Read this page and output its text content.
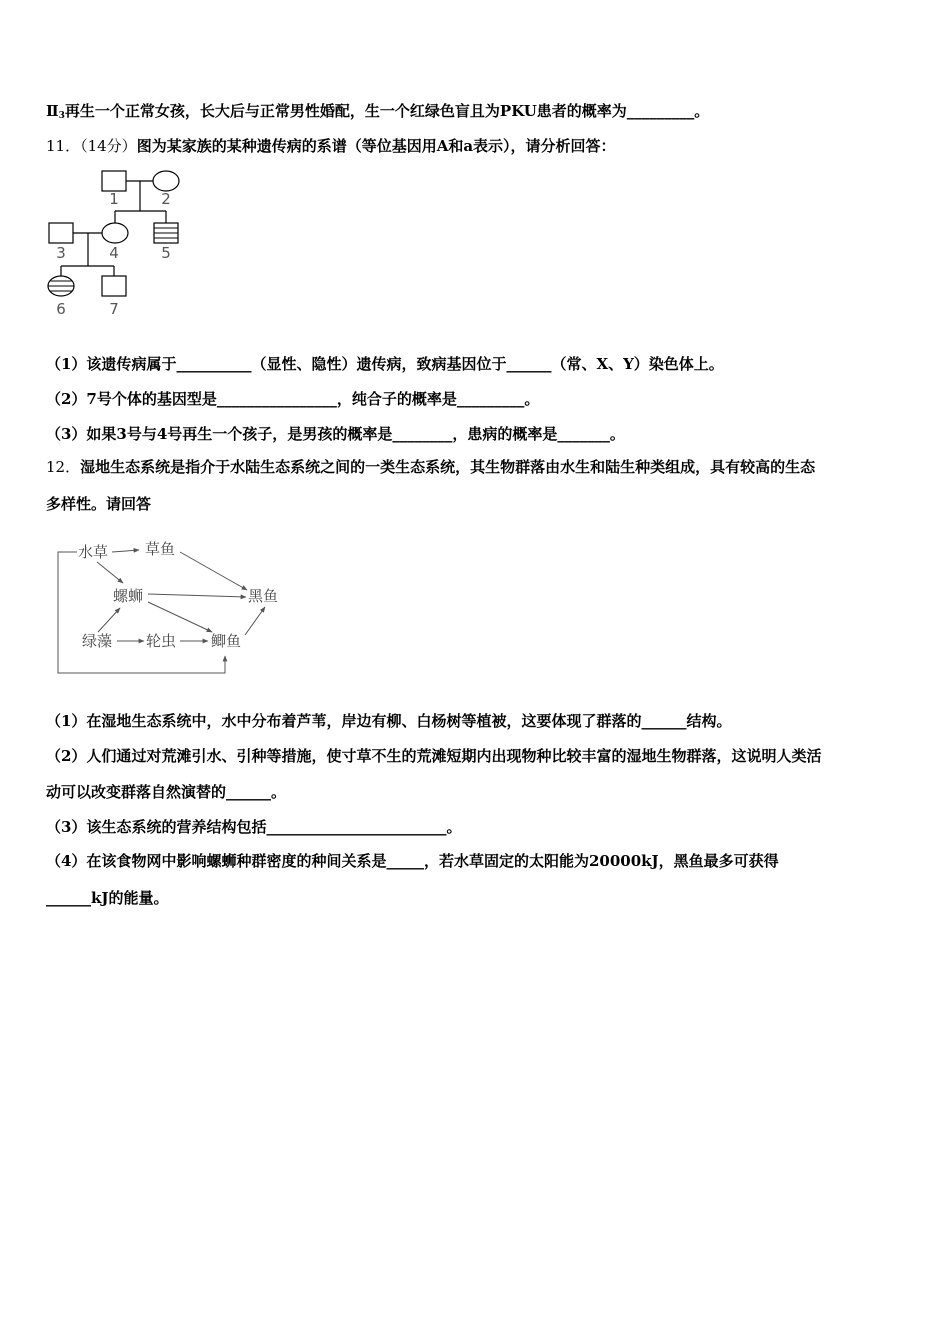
$Ⅱ_3$再生一个正常女孩，长大后与正常男性婚配，生一个红绿色盲且为PKU患者的概率为_________。
11．（14分）图为某家族的某种遗传病的系谱（等位基因用A和a表示），请分析回答：
1	2
3	4	5
6	7
（1）该遗传病属于__________（显性、隐性）遗传病，致病基因位于______（常、X、Y）染色体上。
（2）7号个体的基因型是________________，纯合子的概率是_________。
（3）如果3号与4号再生一个孩子，是男孩的概率是________，患病的概率是_______。
12．湿地生态系统是指介于水陆生态系统之间的一类生态系统，其生物群落由水生和陆生种类组成，具有较高的生态
多样性。请回答
水草 草鱼
螺蛳	黑鱼
绿藻 轮虫 鲫鱼
（1）在湿地生态系统中，水中分布着芦苇，岸边有柳、白杨树等植被，这要体现了群落的______结构。
（2）人们通过对荒滩引水、引种等措施，使寸草不生的荒滩短期内出现物种比较丰富的湿地生物群落，这说明人类活
动可以改变群落自然演替的______。
（3）该生态系统的营养结构包括________________________。
（4）在该食物网中影响螺蛳种群密度的种间关系是_____，若水草固定的太阳能为20000kJ，黑鱼最多可获得
______kJ的能量。
